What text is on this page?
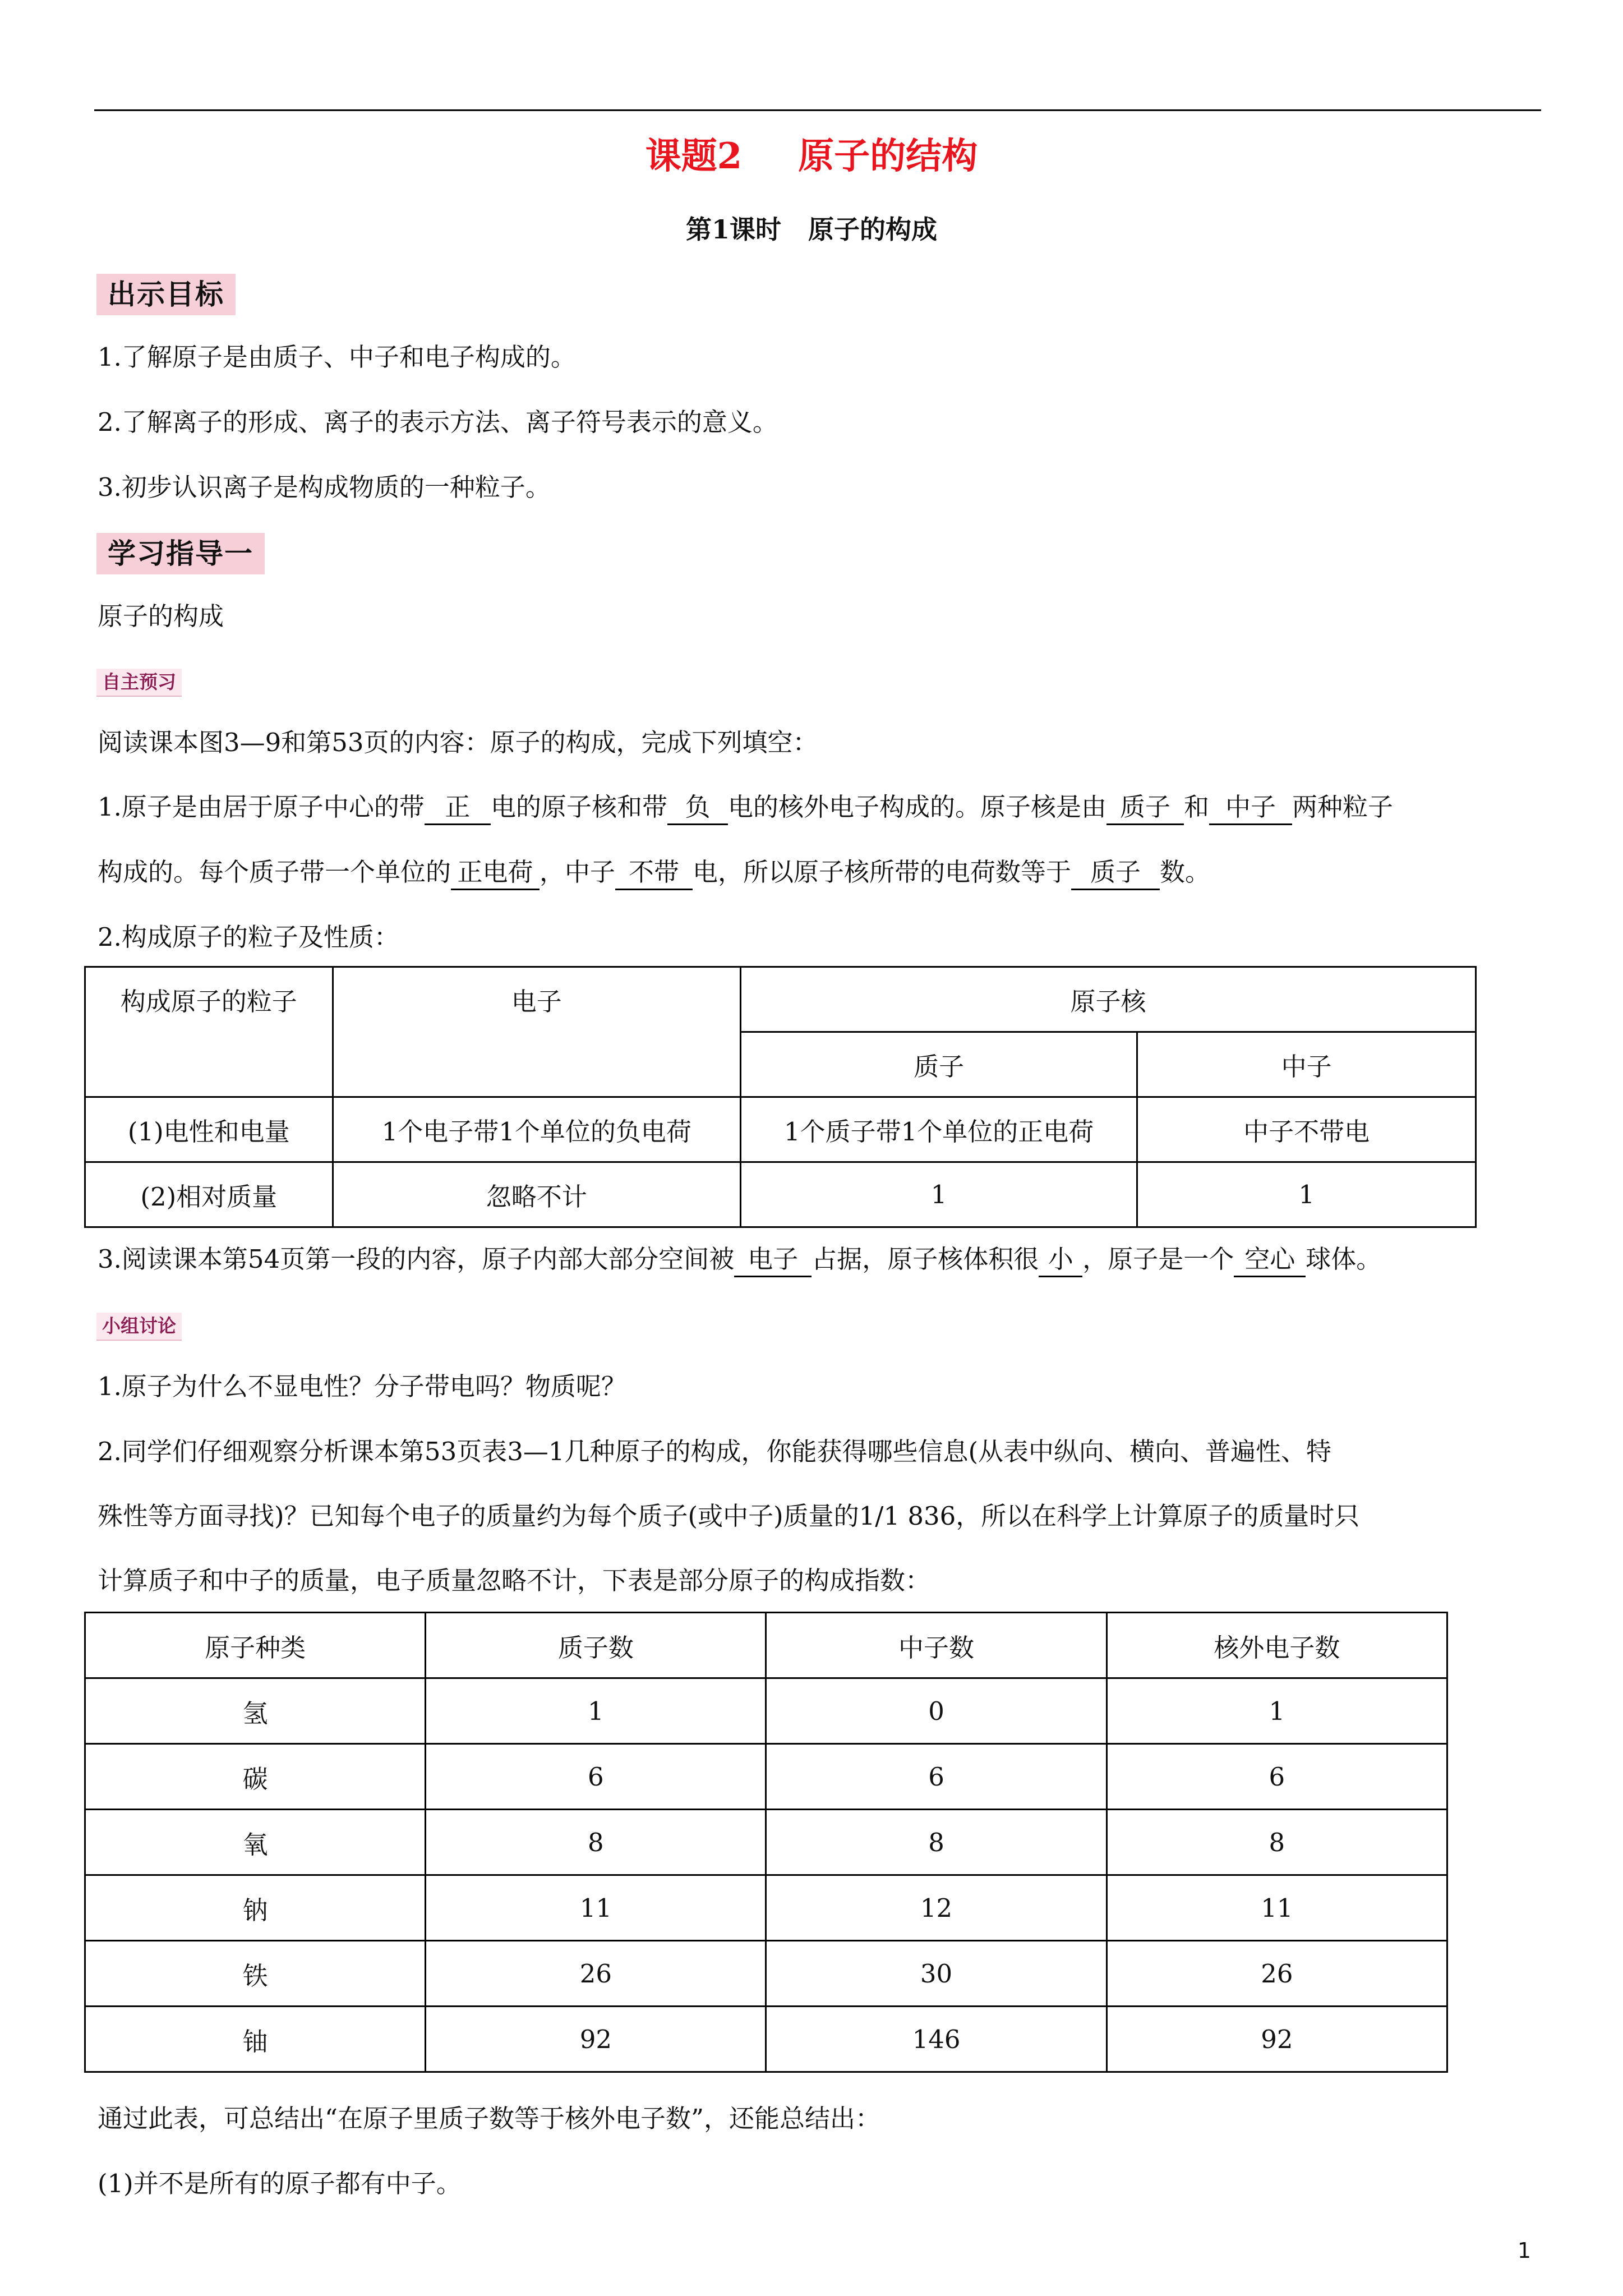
课题2 原子的结构
第1课时 原子的构成
出示目标
1.了解原子是由质子、中子和电子构成的。
2.了解离子的形成、离子的表示方法、离子符号表示的意义。
3.初步认识离子是构成物质的一种粒子。
学习指导一
原子的构成
自主预习
阅读课本图3—9和第53页的内容：原子的构成，完成下列填空：
1.原子是由居于原子中心的带 正 电的原子核和带 负 电的核外电子构成的。原子核是由 质子 和 中子 两种粒子
构成的。每个质子带一个单位的 正电荷 ，中子 不带 电，所以原子核所带的电荷数等于 质子 数。
2.构成原子的粒子及性质：
构成原子的粒子	电子	原子核	
		质子	中子
(1)电性和电量	1个电子带1个单位的负电荷	1个质子带1个单位的正电荷	中子不带电
(2)相对质量	忽略不计	1	1
3.阅读课本第54页第一段的内容，原子内部大部分空间被 电子 占据，原子核体积很 小 ，原子是一个 空心 球体。
小组讨论
1.原子为什么不显电性？分子带电吗？物质呢？
2.同学们仔细观察分析课本第53页表3—1几种原子的构成，你能获得哪些信息(从表中纵向、横向、普遍性、特
殊性等方面寻找)？已知每个电子的质量约为每个质子(或中子)质量的1/1 836，所以在科学上计算原子的质量时只
计算质子和中子的质量，电子质量忽略不计，下表是部分原子的构成指数：
原子种类	质子数	中子数	核外电子数
氢	1	0	1
碳	6	6	6
氧	8	8	8
钠	11	12	11
铁	26	30	26
铀	92	146	92
通过此表，可总结出“在原子里质子数等于核外电子数”，还能总结出：
(1)并不是所有的原子都有中子。
1
